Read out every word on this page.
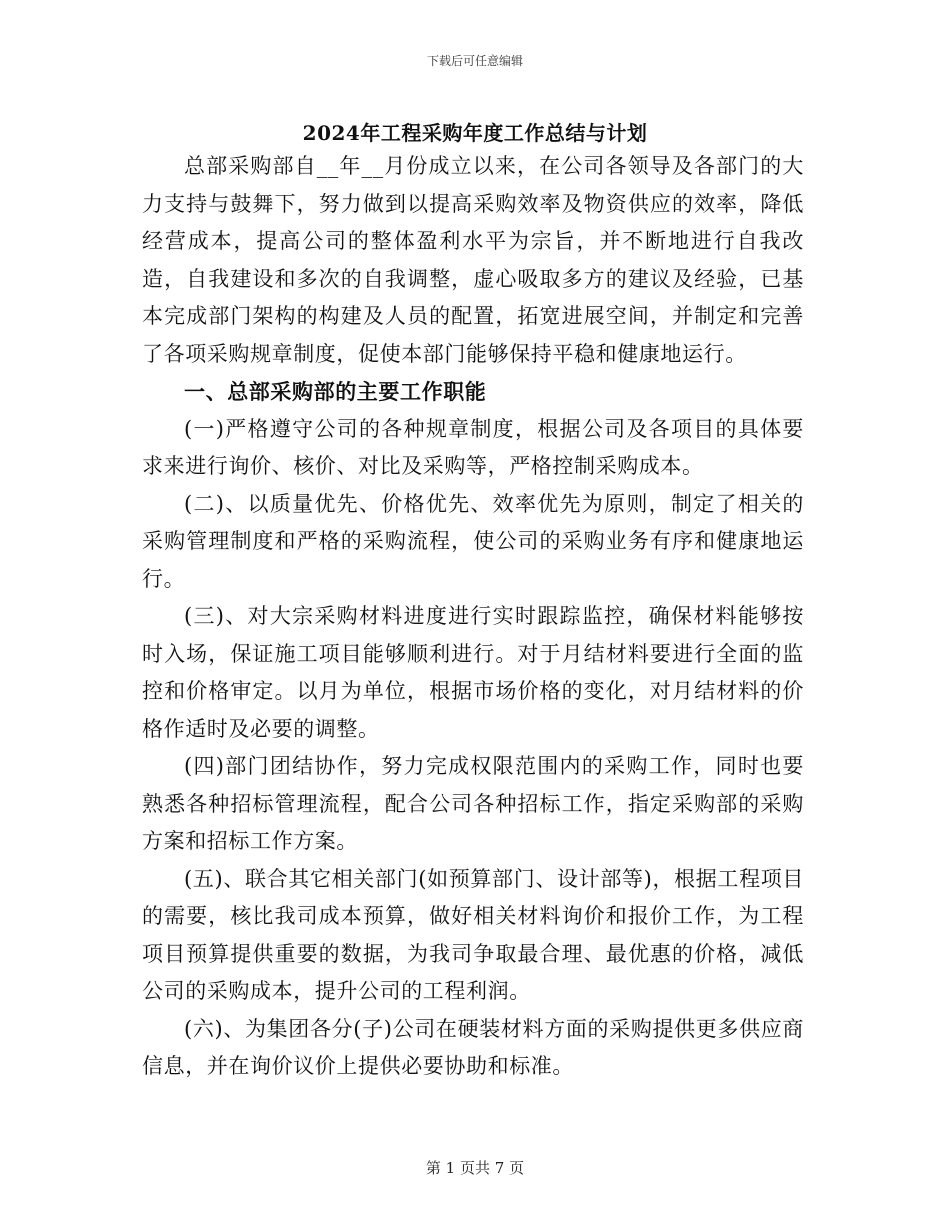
下载后可任意编辑
2024年工程采购年度工作总结与计划

总部采购部自__年__月份成立以来，在公司各领导及各部门的大力支持与鼓舞下，努力做到以提高采购效率及物资供应的效率，降低经营成本，提高公司的整体盈利水平为宗旨，并不断地进行自我改造，自我建设和多次的自我调整，虚心吸取多方的建议及经验，已基本完成部门架构的构建及人员的配置，拓宽进展空间，并制定和完善了各项采购规章制度，促使本部门能够保持平稳和健康地运行。

一、总部采购部的主要工作职能

(一)严格遵守公司的各种规章制度，根据公司及各项目的具体要求来进行询价、核价、对比及采购等，严格控制采购成本。

(二)、以质量优先、价格优先、效率优先为原则，制定了相关的采购管理制度和严格的采购流程，使公司的采购业务有序和健康地运行。

(三)、对大宗采购材料进度进行实时跟踪监控，确保材料能够按时入场，保证施工项目能够顺利进行。对于月结材料要进行全面的监控和价格审定。以月为单位，根据市场价格的变化，对月结材料的价格作适时及必要的调整。

(四)部门团结协作，努力完成权限范围内的采购工作，同时也要熟悉各种招标管理流程，配合公司各种招标工作，指定采购部的采购方案和招标工作方案。

(五)、联合其它相关部门(如预算部门、设计部等)，根据工程项目的需要，核比我司成本预算，做好相关材料询价和报价工作，为工程项目预算提供重要的数据，为我司争取最合理、最优惠的价格，减低公司的采购成本，提升公司的工程利润。

(六)、为集团各分(子)公司在硬装材料方面的采购提供更多供应商信息，并在询价议价上提供必要协助和标准。

第 1 页共 7 页
